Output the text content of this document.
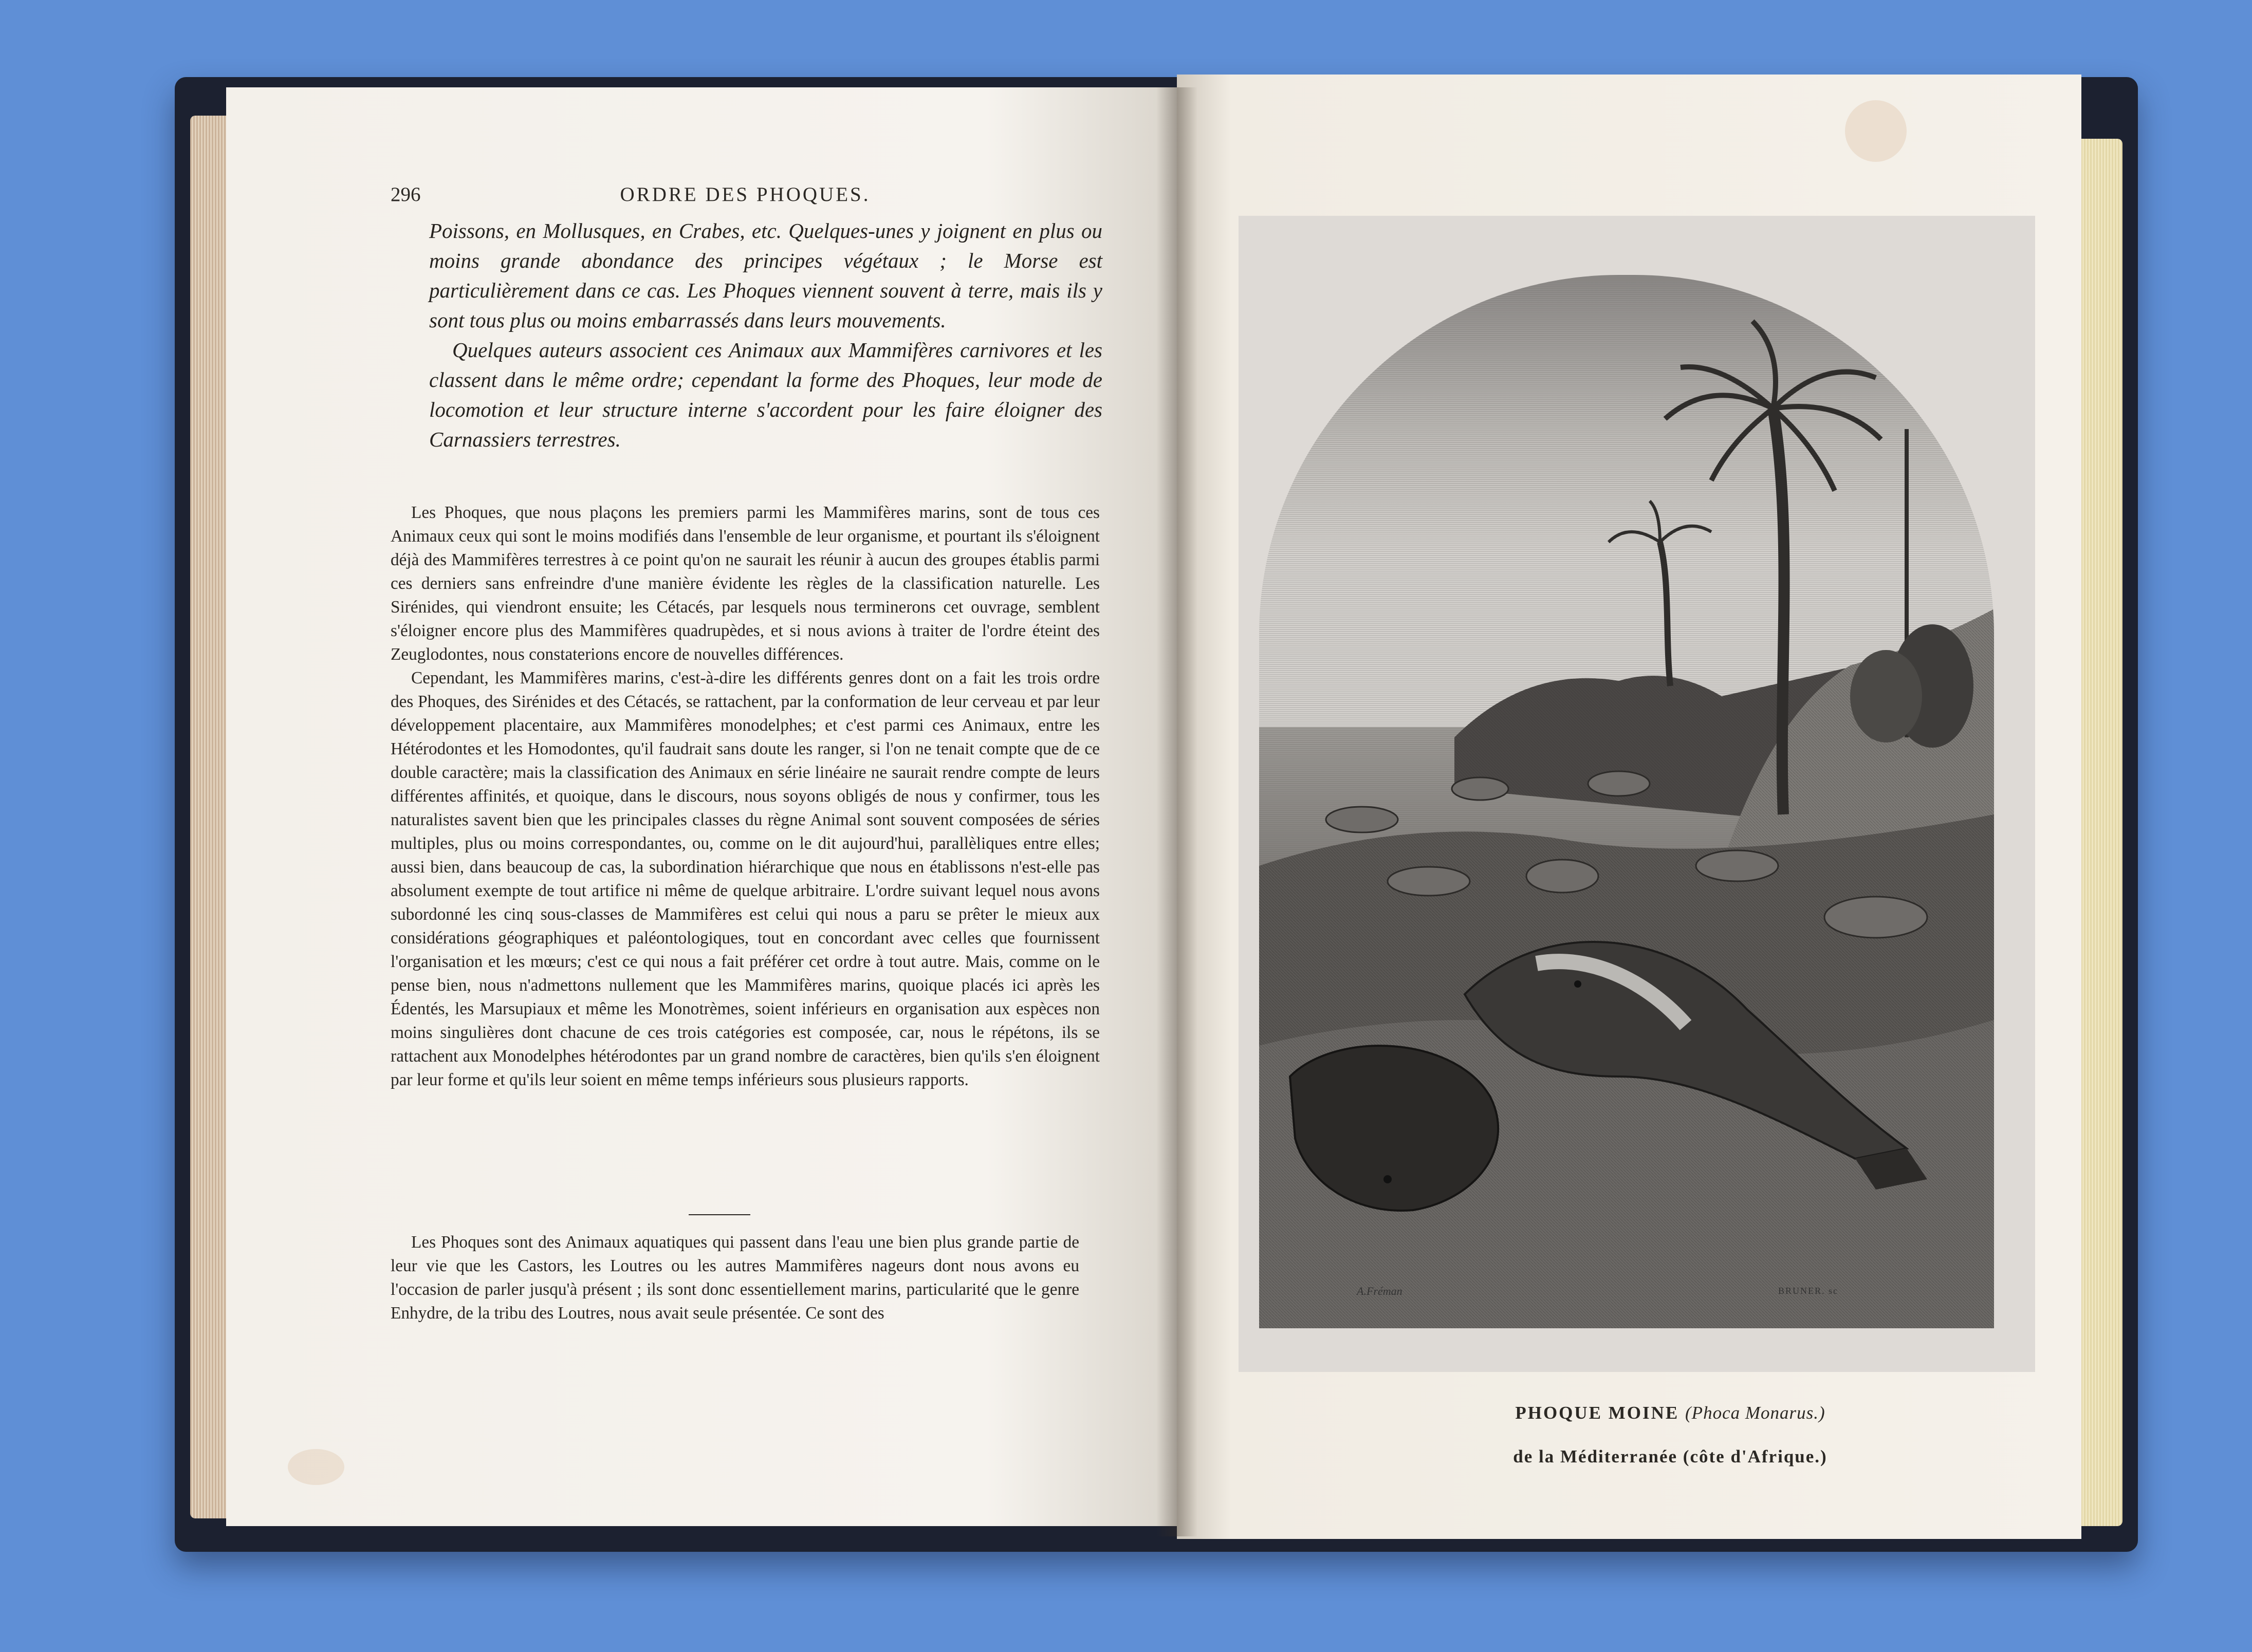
296	ORDRE DES PHOQUES.

Poissons, en Mollusques, en Crabes, etc. Quelques-unes y joignent en plus ou moins grande abondance des principes végétaux ; le Morse est particulièrement dans ce cas. Les Phoques viennent souvent à terre, mais ils y sont tous plus ou moins embarrassés dans leurs mouvements.

Quelques auteurs associent ces Animaux aux Mammifères carnivores et les classent dans le même ordre; cependant la forme des Phoques, leur mode de locomotion et leur structure interne s'accordent pour les faire éloigner des Carnassiers terrestres.

Les Phoques, que nous plaçons les premiers parmi les Mammifères marins, sont de tous ces Animaux ceux qui sont le moins modifiés dans l'ensemble de leur organisme, et pourtant ils s'éloignent déjà des Mammifères terrestres à ce point qu'on ne saurait les réunir à aucun des groupes établis parmi ces derniers sans enfreindre d'une manière évidente les règles de la classification naturelle. Les Sirénides, qui viendront ensuite; les Cétacés, par lesquels nous terminerons cet ouvrage, semblent s'éloigner encore plus des Mammifères quadrupèdes, et si nous avions à traiter de l'ordre éteint des Zeuglodontes, nous constaterions encore de nouvelles différences.

Cependant, les Mammifères marins, c'est-à-dire les différents genres dont on a fait les trois ordre des Phoques, des Sirénides et des Cétacés, se rattachent, par la conformation de leur cerveau et par leur développement placentaire, aux Mammifères monodelphes; et c'est parmi ces Animaux, entre les Hétérodontes et les Homodontes, qu'il faudrait sans doute les ranger, si l'on ne tenait compte que de ce double caractère; mais la classification des Animaux en série linéaire ne saurait rendre compte de leurs différentes affinités, et quoique, dans le discours, nous soyons obligés de nous y confirmer, tous les naturalistes savent bien que les principales classes du règne Animal sont souvent composées de séries multiples, plus ou moins correspondantes, ou, comme on le dit aujourd'hui, parallèliques entre elles; aussi bien, dans beaucoup de cas, la subordination hiérarchique que nous en établissons n'est-elle pas absolument exempte de tout artifice ni même de quelque arbitraire. L'ordre suivant lequel nous avons subordonné les cinq sous-classes de Mammifères est celui qui nous a paru se prêter le mieux aux considérations géographiques et paléontologiques, tout en concordant avec celles que fournissent l'organisation et les mœurs; c'est ce qui nous a fait préférer cet ordre à tout autre. Mais, comme on le pense bien, nous n'admettons nullement que les Mammifères marins, quoique placés ici après les Édentés, les Marsupiaux et même les Monotrèmes, soient inférieurs en organisation aux espèces non moins singulières dont chacune de ces trois catégories est composée, car, nous le répétons, ils se rattachent aux Monodelphes hétérodontes par un grand nombre de caractères, bien qu'ils s'en éloignent par leur forme et qu'ils leur soient en même temps inférieurs sous plusieurs rapports.

Les Phoques sont des Animaux aquatiques qui passent dans l'eau une bien plus grande partie de leur vie que les Castors, les Loutres ou les autres Mammifères nageurs dont nous avons eu l'occasion de parler jusqu'à présent ; ils sont donc essentiellement marins, particularité que le genre Enhydre, de la tribu des Loutres, nous avait seule présentée. Ce sont des

A.Fréman	BRUNER. sc
PHOQUE MOINE (Phoca Monarus.)
de la Méditerranée (côte d'Afrique.)
